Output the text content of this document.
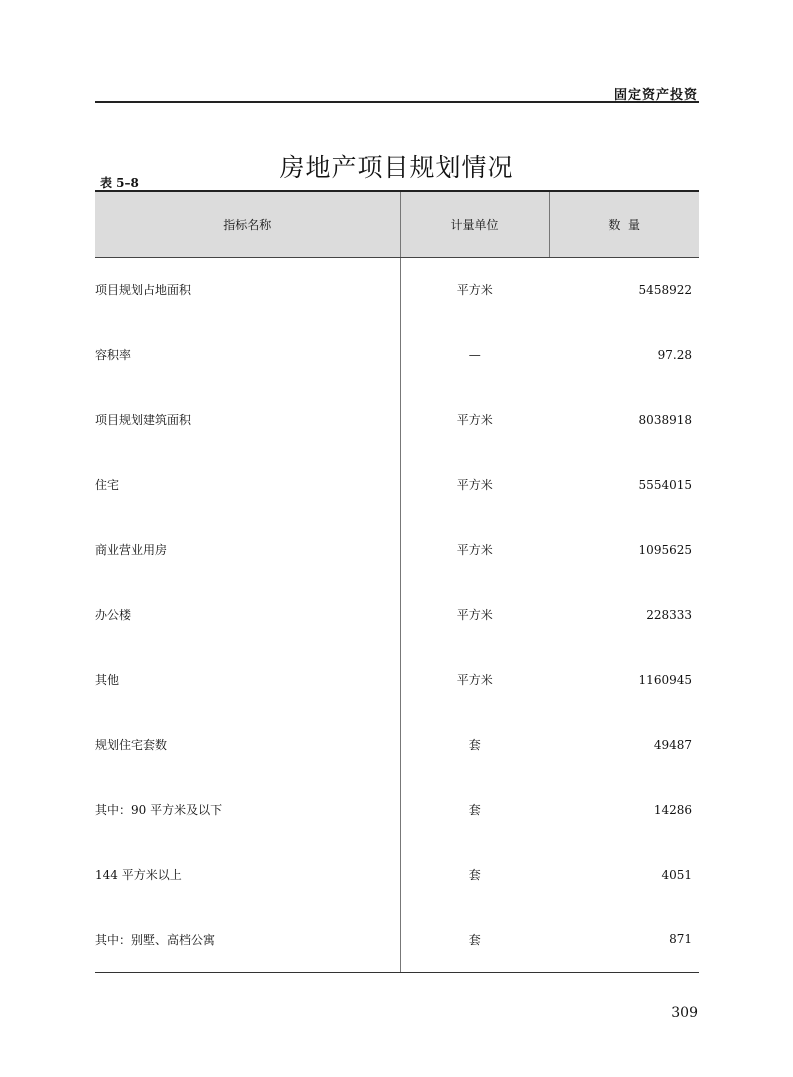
固定资产投资
房地产项目规划情况
表 5–8
指标名称	计量单位	数  量
项目规划占地面积	平方米	5458922
容积率	—	97.28
项目规划建筑面积	平方米	8038918
住宅	平方米	5554015
商业营业用房	平方米	1095625
办公楼	平方米	228333
其他	平方米	1160945
规划住宅套数	套	49487
其中：90 平方米及以下	套	14286
144 平方米以上	套	4051
其中：别墅、高档公寓	套	871
309
